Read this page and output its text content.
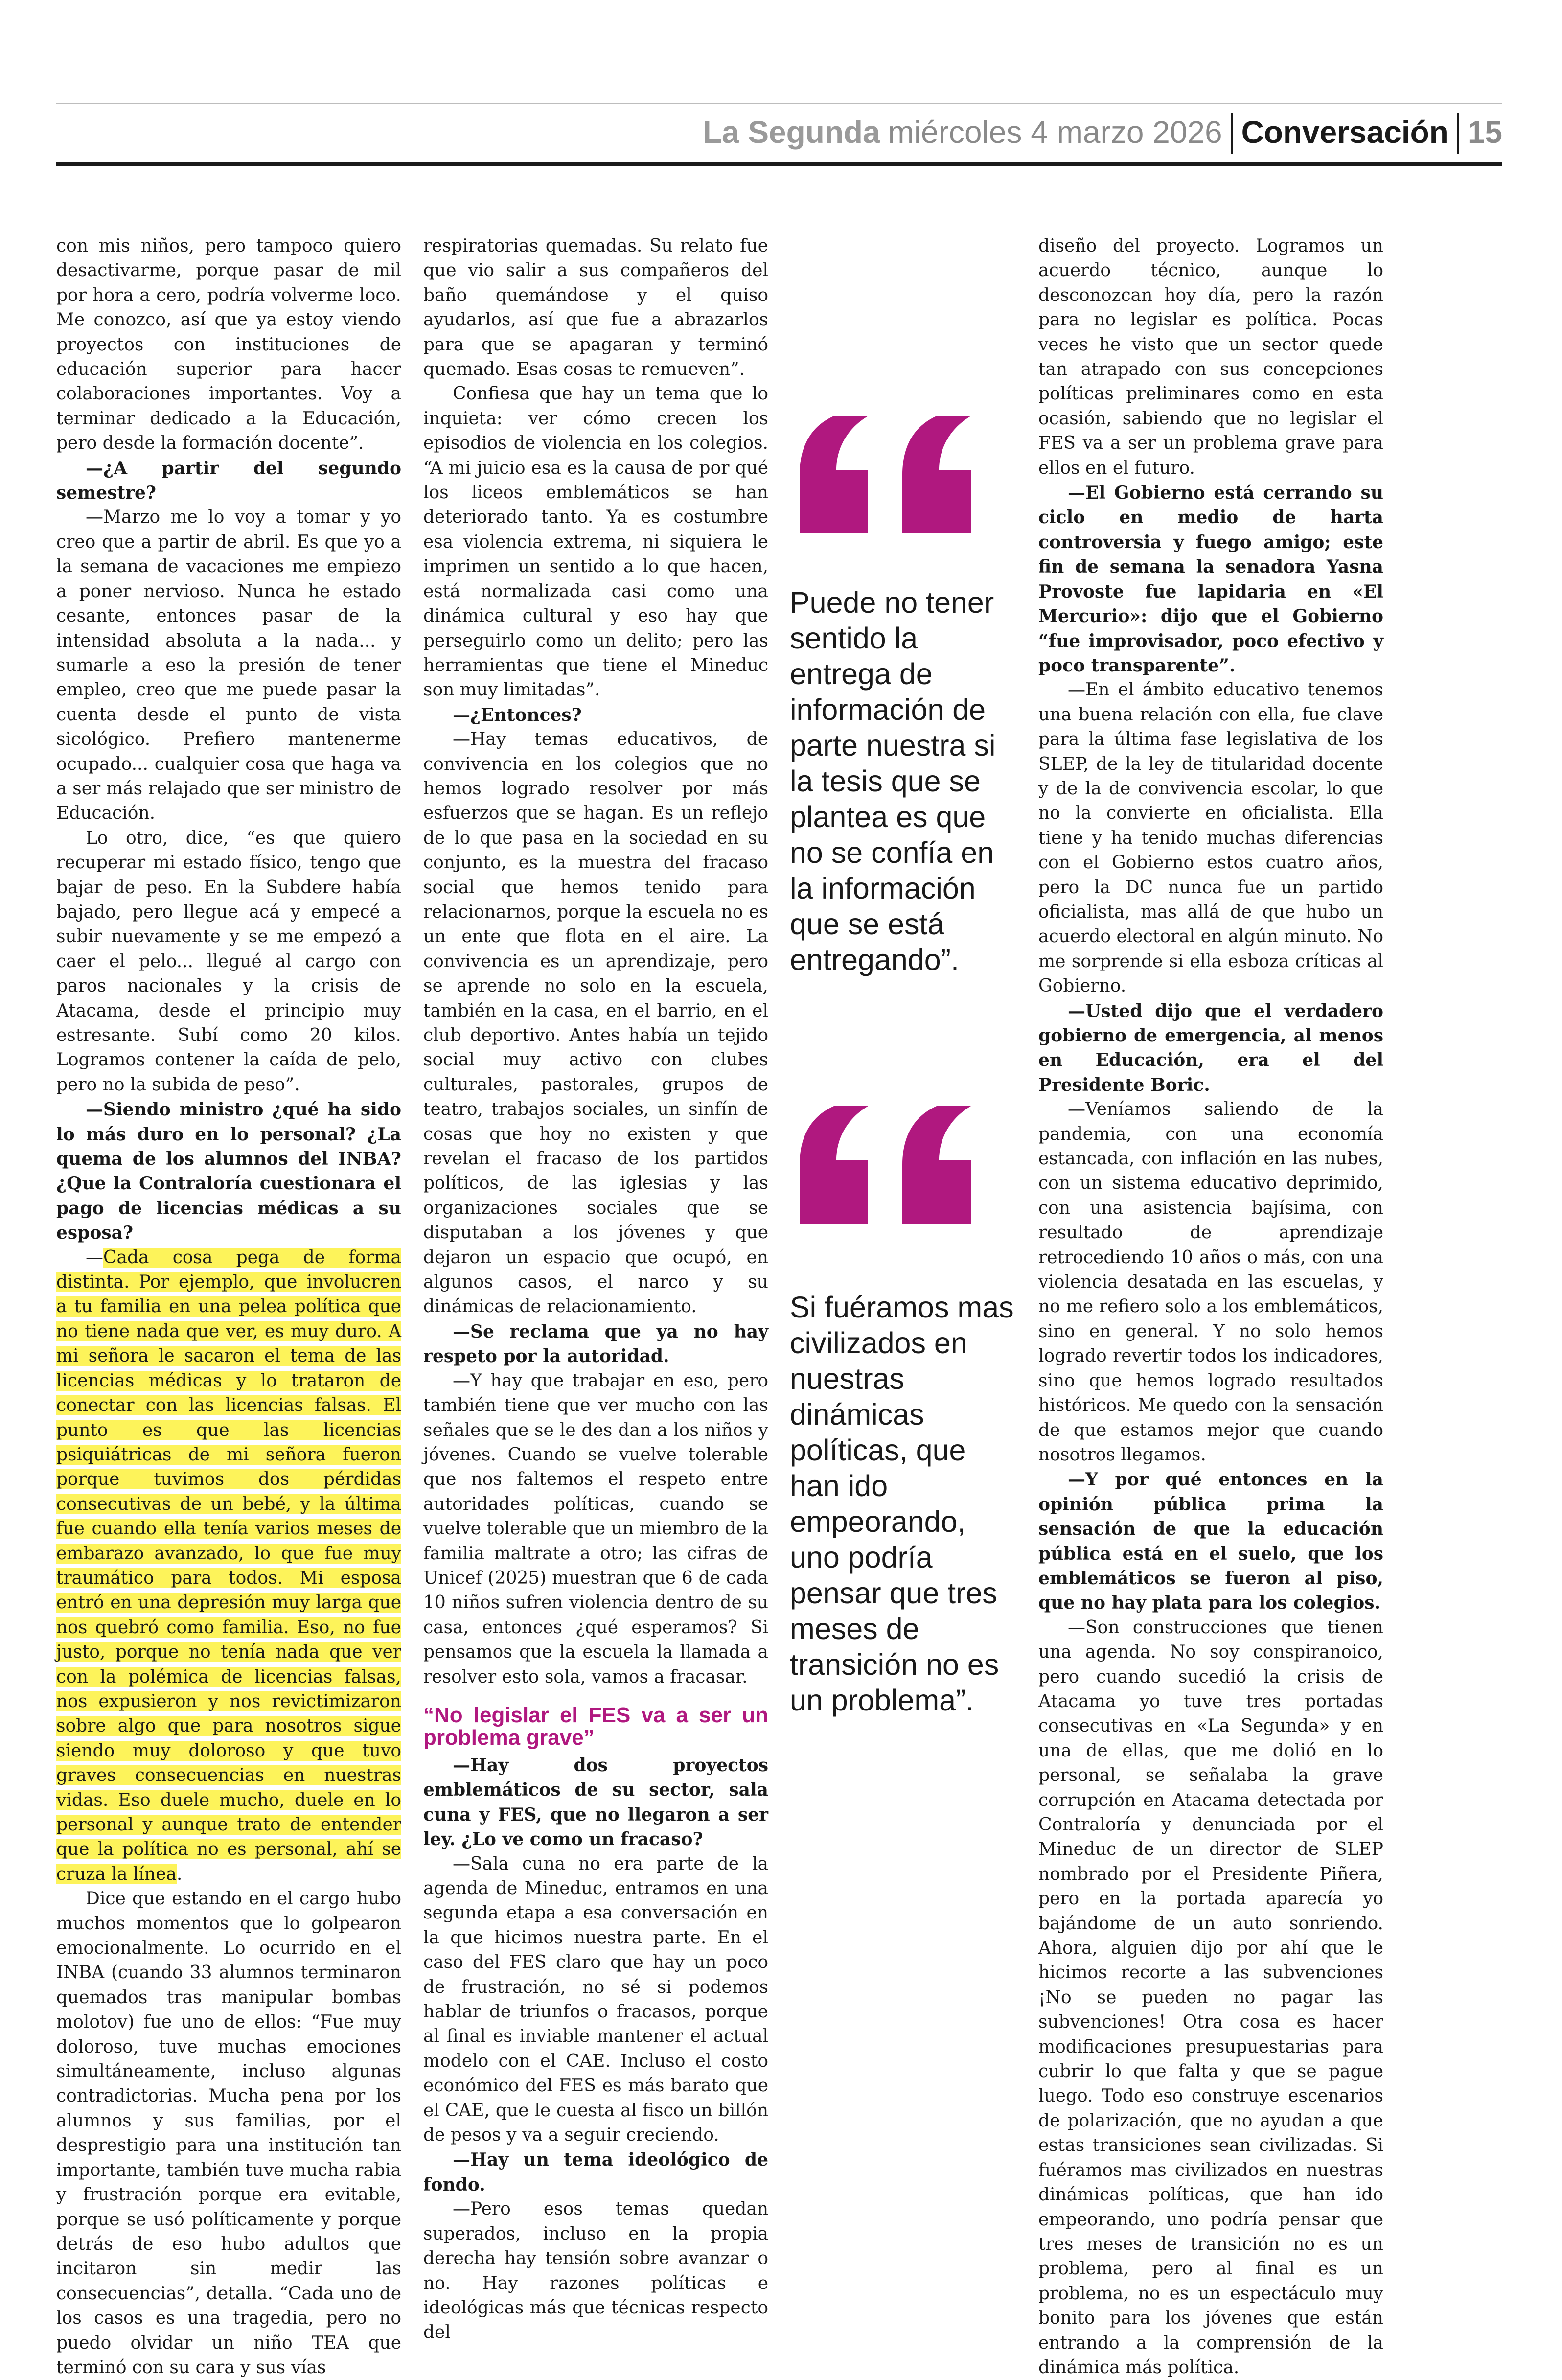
La Segunda miércoles 4 marzo 2026 Conversación 15

con mis niños, pero tampoco quiero desactivarme, porque pasar de mil por hora a cero, podría volverme loco. Me conozco, así que ya estoy viendo proyectos con instituciones de educación superior para hacer colaboraciones importantes. Voy a terminar dedicado a la Educación, pero desde la formación docente”.

—¿A partir del segundo semestre?

—Marzo me lo voy a tomar y yo creo que a partir de abril. Es que yo a la semana de vacaciones me empiezo a poner nervioso. Nunca he estado cesante, entonces pasar de la intensidad absoluta a la nada... y sumarle a eso la presión de tener empleo, creo que me puede pasar la cuenta desde el punto de vista sicológico. Prefiero mantenerme ocupado... cualquier cosa que haga va a ser más relajado que ser ministro de Educación.

Lo otro, dice, “es que quiero recuperar mi estado físico, tengo que bajar de peso. En la Subdere había bajado, pero llegue acá y empecé a subir nuevamente y se me empezó a caer el pelo... llegué al cargo con paros nacionales y la crisis de Atacama, desde el principio muy estresante. Subí como 20 kilos. Logramos contener la caída de pelo, pero no la subida de peso”.

—Siendo ministro ¿qué ha sido lo más duro en lo personal? ¿La quema de los alumnos del INBA? ¿Que la Contraloría cuestionara el pago de licencias médicas a su esposa?

—Cada cosa pega de forma distinta. Por ejemplo, que involucren a tu familia en una pelea política que no tiene nada que ver, es muy duro. A mi señora le sacaron el tema de las licencias médicas y lo trataron de conectar con las licencias falsas. El punto es que las licencias psiquiátricas de mi señora fueron porque tuvimos dos pérdidas consecutivas de un bebé, y la última fue cuando ella tenía varios meses de embarazo avanzado, lo que fue muy traumático para todos. Mi esposa entró en una depresión muy larga que nos quebró como familia. Eso, no fue justo, porque no tenía nada que ver con la polémica de licencias falsas, nos expusieron y nos revictimizaron sobre algo que para nosotros sigue siendo muy doloroso y que tuvo graves consecuencias en nuestras vidas. Eso duele mucho, duele en lo personal y aunque trato de entender que la política no es personal, ahí se cruza la línea.

Dice que estando en el cargo hubo muchos momentos que lo golpearon emocionalmente. Lo ocurrido en el INBA (cuando 33 alumnos terminaron quemados tras manipular bombas molotov) fue uno de ellos: “Fue muy doloroso, tuve muchas emociones simultáneamente, incluso algunas contradictorias. Mucha pena por los alumnos y sus familias, por el desprestigio para una institución tan importante, también tuve mucha rabia y frustración porque era evitable, porque se usó políticamente y porque detrás de eso hubo adultos que incitaron sin medir las consecuencias”, detalla. “Cada uno de los casos es una tragedia, pero no puedo olvidar un niño TEA que terminó con su cara y sus vías

respiratorias quemadas. Su relato fue que vio salir a sus compañeros del baño quemándose y el quiso ayudarlos, así que fue a abrazarlos para que se apagaran y terminó quemado. Esas cosas te remueven”.

Confiesa que hay un tema que lo inquieta: ver cómo crecen los episodios de violencia en los colegios. “A mi juicio esa es la causa de por qué los liceos emblemáticos se han deteriorado tanto. Ya es costumbre esa violencia extrema, ni siquiera le imprimen un sentido a lo que hacen, está normalizada casi como una dinámica cultural y eso hay que perseguirlo como un delito; pero las herramientas que tiene el Mineduc son muy limitadas”.

—¿Entonces?

—Hay temas educativos, de convivencia en los colegios que no hemos logrado resolver por más esfuerzos que se hagan. Es un reflejo de lo que pasa en la sociedad en su conjunto, es la muestra del fracaso social que hemos tenido para relacionarnos, porque la escuela no es un ente que flota en el aire. La convivencia es un aprendizaje, pero se aprende no solo en la escuela, también en la casa, en el barrio, en el club deportivo. Antes había un tejido social muy activo con clubes culturales, pastorales, grupos de teatro, trabajos sociales, un sinfín de cosas que hoy no existen y que revelan el fracaso de los partidos políticos, de las iglesias y las organizaciones sociales que se disputaban a los jóvenes y que dejaron un espacio que ocupó, en algunos casos, el narco y su dinámicas de relacionamiento.

—Se reclama que ya no hay respeto por la autoridad.

—Y hay que trabajar en eso, pero también tiene que ver mucho con las señales que se le des dan a los niños y jóvenes. Cuando se vuelve tolerable que nos faltemos el respeto entre autoridades políticas, cuando se vuelve tolerable que un miembro de la familia maltrate a otro; las cifras de Unicef (2025) muestran que 6 de cada 10 niños sufren violencia dentro de su casa, entonces ¿qué esperamos? Si pensamos que la escuela la llamada a resolver esto sola, vamos a fracasar.

“No legislar el FES va a ser un problema grave”

—Hay dos proyectos emblemáticos de su sector, sala cuna y FES, que no llegaron a ser ley. ¿Lo ve como un fracaso?

—Sala cuna no era parte de la agenda de Mineduc, entramos en una segunda etapa a esa conversación en la que hicimos nuestra parte. En el caso del FES claro que hay un poco de frustración, no sé si podemos hablar de triunfos o fracasos, porque al final es inviable mantener el actual modelo con el CAE. Incluso el costo económico del FES es más barato que el CAE, que le cuesta al fisco un billón de pesos y va a seguir creciendo.

—Hay un tema ideológico de fondo.

—Pero esos temas quedan superados, incluso en la propia derecha hay tensión sobre avanzar o no. Hay razones políticas e ideológicas más que técnicas respecto del

Puede no tener sentido la entrega de información de parte nuestra si la tesis que se plantea es que no se confía en la información que se está entregando”.
Si fuéramos mas civilizados en nuestras dinámicas políticas, que han ido empeorando, uno podría pensar que tres meses de transición no es un problema”.

diseño del proyecto. Logramos un acuerdo técnico, aunque lo desconozcan hoy día, pero la razón para no legislar es política. Pocas veces he visto que un sector quede tan atrapado con sus concepciones políticas preliminares como en esta ocasión, sabiendo que no legislar el FES va a ser un problema grave para ellos en el futuro.

—El Gobierno está cerrando su ciclo en medio de harta controversia y fuego amigo; este fin de semana la senadora Yasna Provoste fue lapidaria en «El Mercurio»: dijo que el Gobierno “fue improvisador, poco efectivo y poco transparente”.

—En el ámbito educativo tenemos una buena relación con ella, fue clave para la última fase legislativa de los SLEP, de la ley de titularidad docente y de la de convivencia escolar, lo que no la convierte en oficialista. Ella tiene y ha tenido muchas diferencias con el Gobierno estos cuatro años, pero la DC nunca fue un partido oficialista, mas allá de que hubo un acuerdo electoral en algún minuto. No me sorprende si ella esboza críticas al Gobierno.

—Usted dijo que el verdadero gobierno de emergencia, al menos en Educación, era el del Presidente Boric.

—Veníamos saliendo de la pandemia, con una economía estancada, con inflación en las nubes, con un sistema educativo deprimido, con una asistencia bajísima, con resultado de aprendizaje retrocediendo 10 años o más, con una violencia desatada en las escuelas, y no me refiero solo a los emblemáticos, sino en general. Y no solo hemos logrado revertir todos los indicadores, sino que hemos logrado resultados históricos. Me quedo con la sensación de que estamos mejor que cuando nosotros llegamos.

—Y por qué entonces en la opinión pública prima la sensación de que la educación pública está en el suelo, que los emblemáticos se fueron al piso, que no hay plata para los colegios.

—Son construcciones que tienen una agenda. No soy conspiranoico, pero cuando sucedió la crisis de Atacama yo tuve tres portadas consecutivas en «La Segunda» y en una de ellas, que me dolió en lo personal, se señalaba la grave corrupción en Atacama detectada por Contraloría y denunciada por el Mineduc de un director de SLEP nombrado por el Presidente Piñera, pero en la portada aparecía yo bajándome de un auto sonriendo. Ahora, alguien dijo por ahí que le hicimos recorte a las subvenciones ¡No se pueden no pagar las subvenciones! Otra cosa es hacer modificaciones presupuestarias para cubrir lo que falta y que se pague luego. Todo eso construye escenarios de polarización, que no ayudan a que estas transiciones sean civilizadas. Si fuéramos mas civilizados en nuestras dinámicas políticas, que han ido empeorando, uno podría pensar que tres meses de transición no es un problema, pero al final es un problema, no es un espectáculo muy bonito para los jóvenes que están entrando a la comprensión de la dinámica más política.
